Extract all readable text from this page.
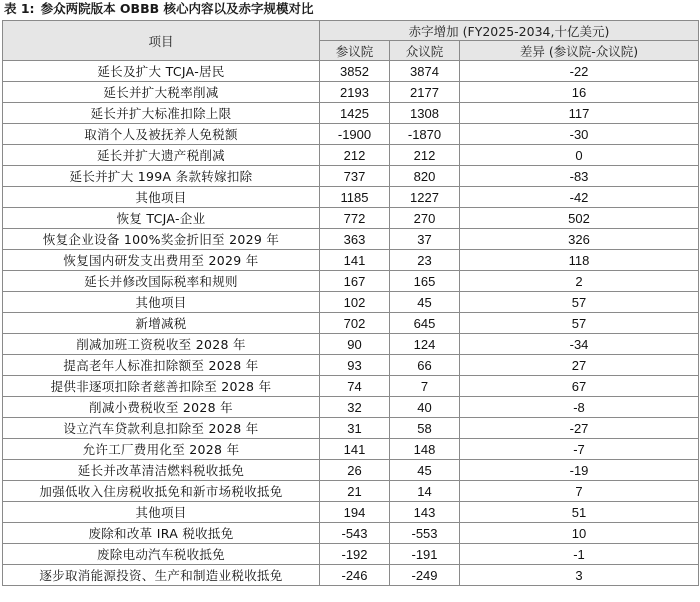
表 1: 参众两院版本 OBBB 核心内容以及赤字规模对比
项目	赤字增加 (FY2025-2034,十亿美元)		
	参议院	众议院	差异 (参议院-众议院)
延长及扩大 TCJA-居民	3852	3874	-22
延长并扩大税率削减	2193	2177	16
延长并扩大标准扣除上限	1425	1308	117
取消个人及被抚养人免税额	-1900	-1870	-30
延长并扩大遗产税削减	212	212	0
延长并扩大 199A 条款转嫁扣除	737	820	-83
其他项目	1185	1227	-42
恢复 TCJA-企业	772	270	502
恢复企业设备 100%奖金折旧至 2029 年	363	37	326
恢复国内研发支出费用至 2029 年	141	23	118
延长并修改国际税率和规则	167	165	2
其他项目	102	45	57
新增减税	702	645	57
削减加班工资税收至 2028 年	90	124	-34
提高老年人标准扣除额至 2028 年	93	66	27
提供非逐项扣除者慈善扣除至 2028 年	74	7	67
削减小费税收至 2028 年	32	40	-8
设立汽车贷款利息扣除至 2028 年	31	58	-27
允许工厂费用化至 2028 年	141	148	-7
延长并改革清洁燃料税收抵免	26	45	-19
加强低收入住房税收抵免和新市场税收抵免	21	14	7
其他项目	194	143	51
废除和改革 IRA 税收抵免	-543	-553	10
废除电动汽车税收抵免	-192	-191	-1
逐步取消能源投资、生产和制造业税收抵免	-246	-249	3
